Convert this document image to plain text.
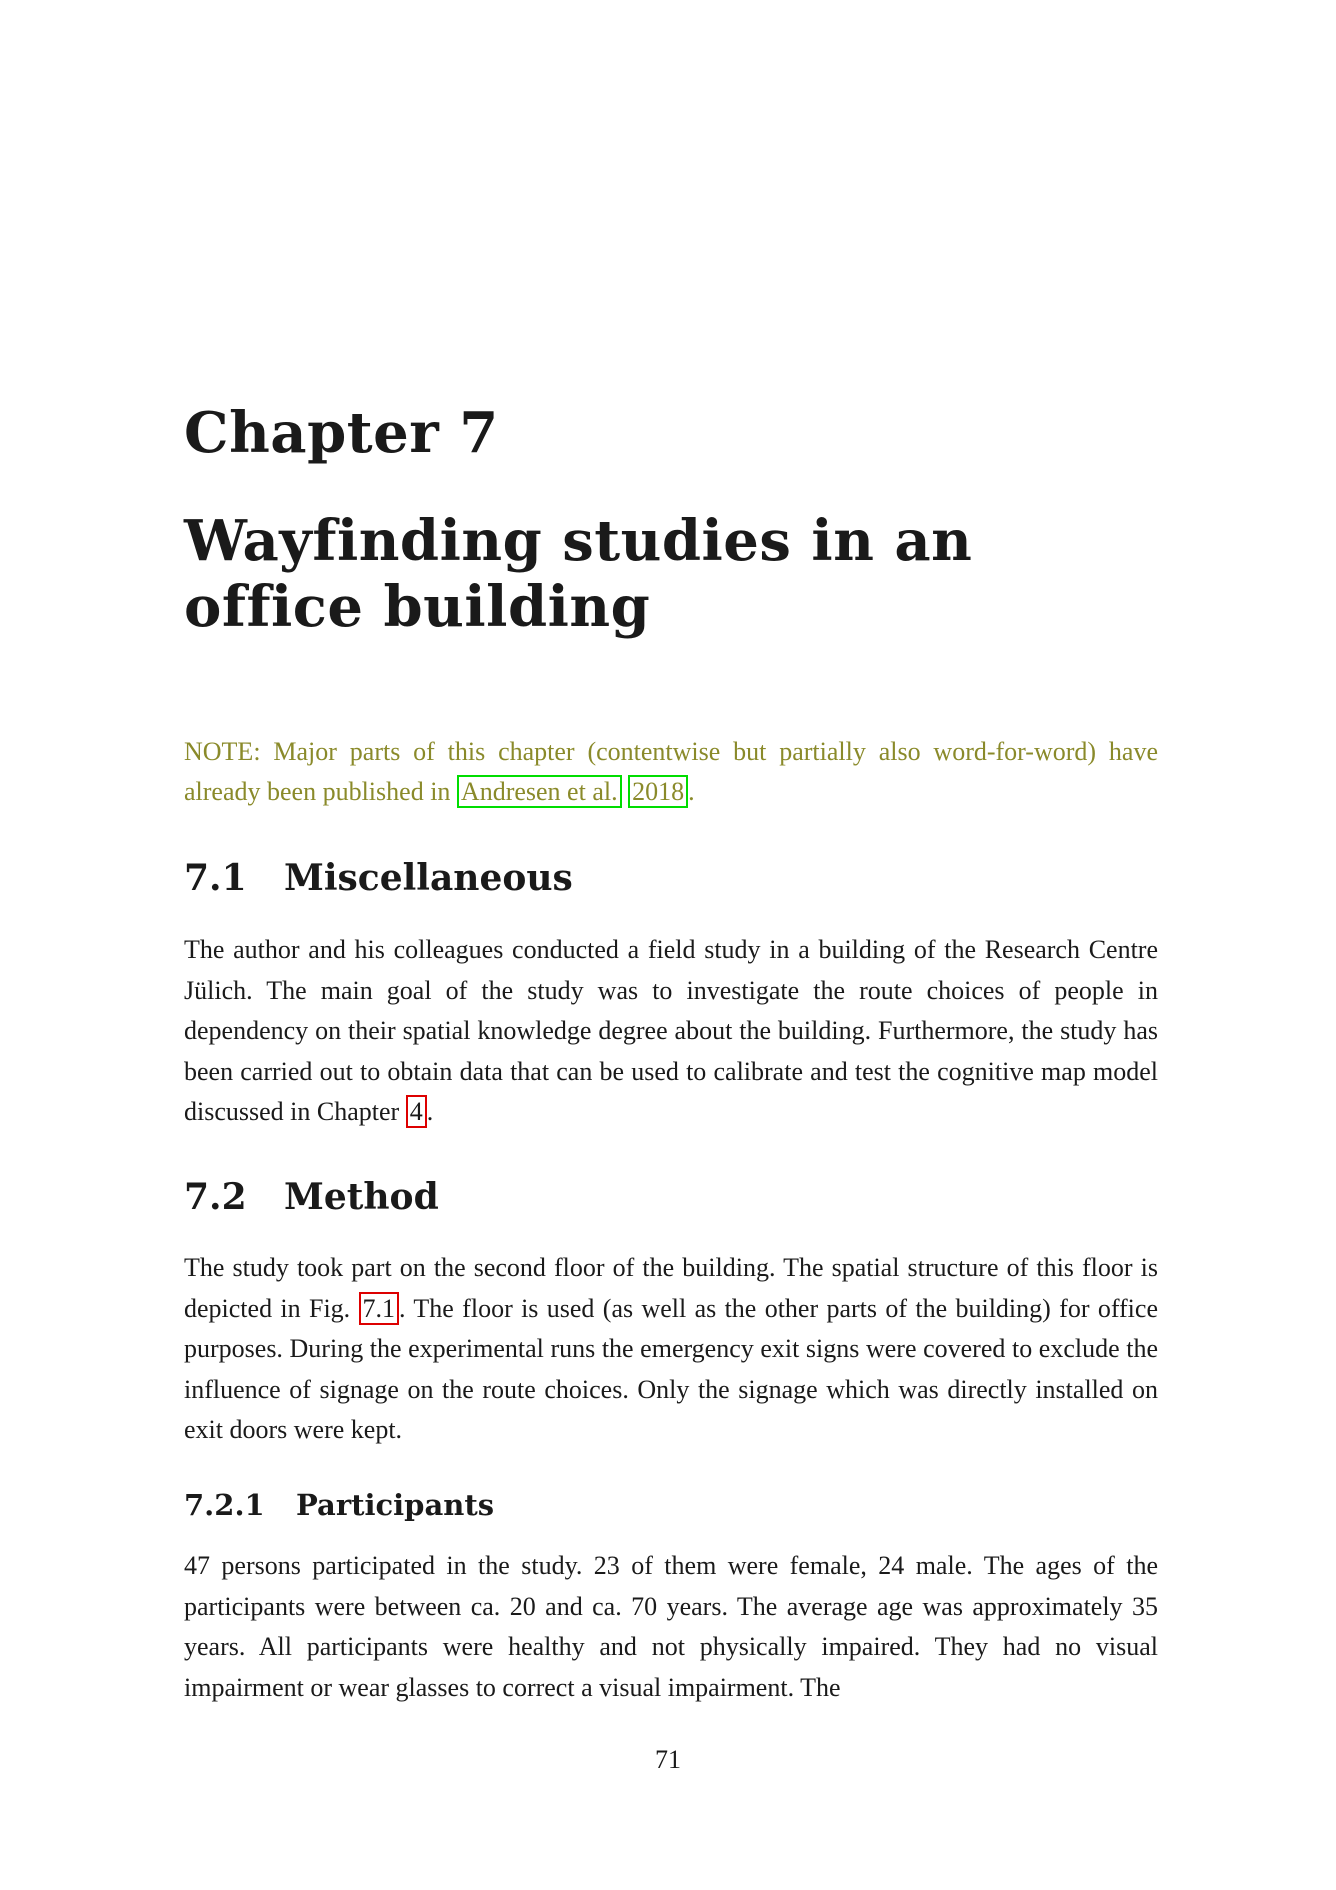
Chapter 7
Wayfinding studies in an office building

NOTE: Major parts of this chapter (contentwise but partially also word-for-word) have already been published in Andresen et al. 2018 .

7.1 Miscellaneous

The author and his colleagues conducted a field study in a building of the Research Centre Jülich. The main goal of the study was to investigate the route choices of people in dependency on their spatial knowledge degree about the building. Furthermore, the study has been carried out to obtain data that can be used to calibrate and test the cognitive map model discussed in Chapter 4 .

7.2 Method

The study took part on the second floor of the building. The spatial structure of this floor is depicted in Fig. 7.1 . The floor is used (as well as the other parts of the building) for office purposes. During the experimental runs the emergency exit signs were covered to exclude the influence of signage on the route choices. Only the signage which was directly installed on exit doors were kept.

7.2.1 Participants

47 persons participated in the study. 23 of them were female, 24 male. The ages of the participants were between ca. 20 and ca. 70 years. The average age was approximately 35 years. All participants were healthy and not physically impaired. They had no visual impairment or wear glasses to correct a visual impairment. The

71
